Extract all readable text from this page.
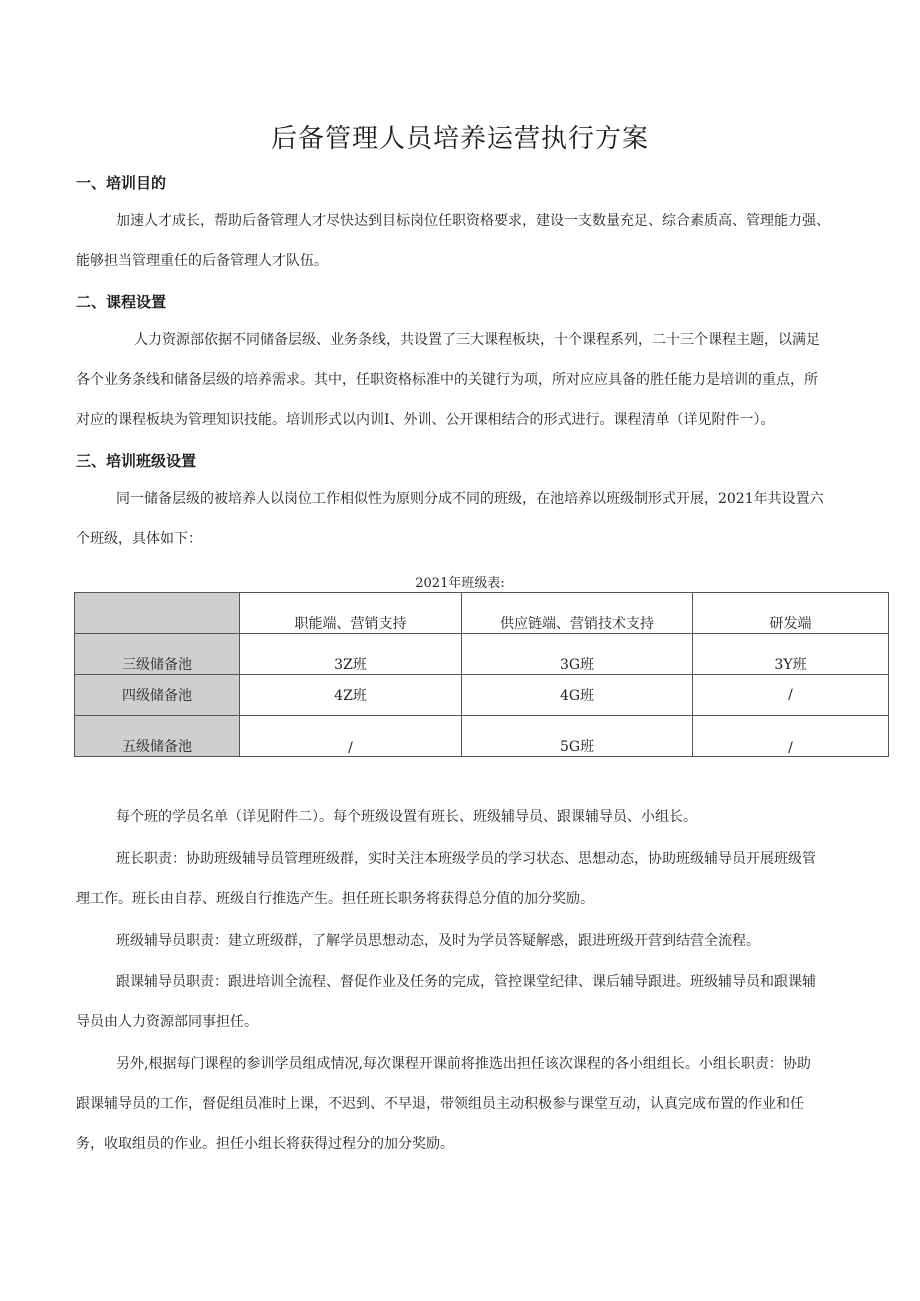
后备管理人员培养运营执行方案
一、培训目的
加速人才成长，帮助后备管理人才尽快达到目标岗位任职资格要求，建设一支数量充足、综合素质高、管理能力强、
能够担当管理重任的后备管理人才队伍。
二、课程设置
人力资源部依据不同储备层级、业务条线，共设置了三大课程板块，十个课程系列，二十三个课程主题，以满足
各个业务条线和储备层级的培养需求。其中，任职资格标准中的关键行为项，所对应应具备的胜任能力是培训的重点，所
对应的课程板块为管理知识技能。培训形式以内训I、外训、公开课相结合的形式进行。课程清单（详见附件一）。
三、培训班级设置
同一储备层级的被培养人以岗位工作相似性为原则分成不同的班级，在池培养以班级制形式开展，2021年共设置六
个班级，具体如下：
2021年班级表:
	职能端、营销支持	供应链端、营销技术支持	研发端
三级储备池	3Z班	3G班	3Y班
四级储备池	4Z班	4G班	/
五级储备池	/	5G班	/
每个班的学员名单（详见附件二）。每个班级设置有班长、班级辅导员、跟课辅导员、小组长。
班长职责：协助班级辅导员管理班级群，实时关注本班级学员的学习状态、思想动态，协助班级辅导员开展班级管
理工作。班长由自荐、班级自行推选产生。担任班长职务将获得总分值的加分奖励。
班级辅导员职责：建立班级群，了解学员思想动态，及时为学员答疑解惑，跟进班级开营到结营全流程。
跟课辅导员职责：跟进培训全流程、督促作业及任务的完成，管控课堂纪律、课后辅导跟进。班级辅导员和跟课辅
导员由人力资源部同事担任。
另外,根据每门课程的参训学员组成情况,每次课程开课前将推选出担任该次课程的各小组组长。小组长职责：协助
跟课辅导员的工作，督促组员准时上课，不迟到、不早退，带领组员主动积极参与课堂互动，认真完成布置的作业和任
务，收取组员的作业。担任小组长将获得过程分的加分奖励。
